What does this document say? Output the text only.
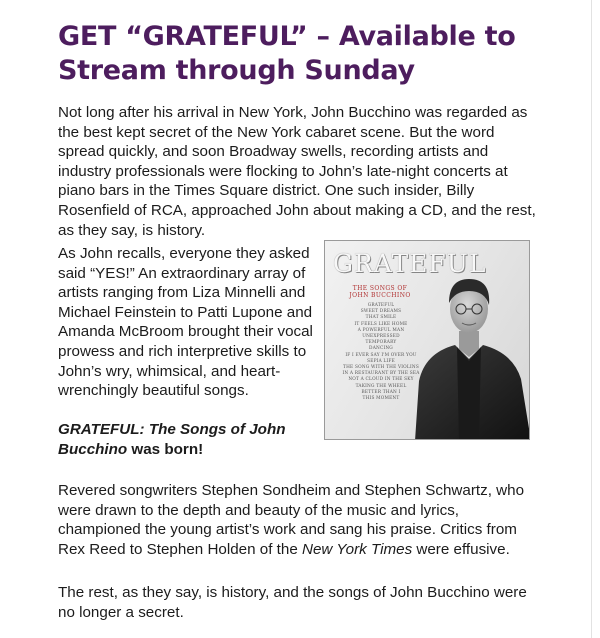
GET “GRATEFUL” – Available to Stream through Sunday

Not long after his arrival in New York, John Bucchino was regarded as the best kept secret of the New York cabaret scene. But the word spread quickly, and soon Broadway swells, recording artists and industry professionals were flocking to John’s late-night concerts at piano bars in the Times Square district. One such insider, Billy Rosenfield of RCA, approached John about making a CD, and the rest, as they say, is history.

As John recalls, everyone they asked said “YES!” An extraordinary array of artists ranging from Liza Minnelli and Michael Feinstein to Patti Lupone and Amanda McBroom brought their vocal prowess and rich interpretive skills to John’s wry, whimsical, and heart-wrenchingly beautiful songs.

GRATEFUL
THE SONGS OF
JOHN BUCCHINO
GRATEFUL
SWEET DREAMS
THAT SMILE
IT FEELS LIKE HOME
A POWERFUL MAN
UNEXPRESSED
TEMPORARY
DANCING
IF I EVER SAY I'M OVER YOU
SEPIA LIFE
THE SONG WITH THE VIOLINS
IN A RESTAURANT BY THE SEA
NOT A CLOUD IN THE SKY
TAKING THE WHEEL
BETTER THAN I
THIS MOMENT

GRATEFUL: The Songs of John Bucchino was born!

Revered songwriters Stephen Sondheim and Stephen Schwartz, who were drawn to the depth and beauty of the music and lyrics, championed the young artist’s work and sang his praise. Critics from Rex Reed to Stephen Holden of the New York Times were effusive.

The rest, as they say, is history, and the songs of John Bucchino were no longer a secret.
